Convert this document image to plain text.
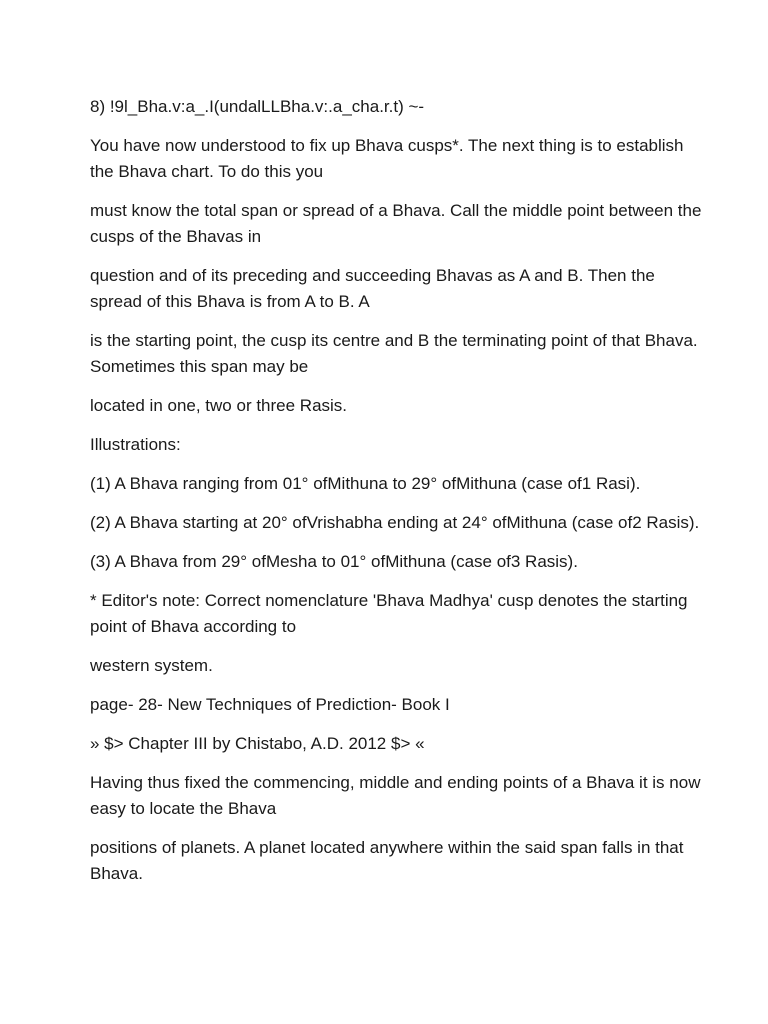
8) !9l_Bha.v:a_.I(undalLLBha.v:.a_cha.r.t) ~-

You have now understood to fix up Bhava cusps*. The next thing is to establish the Bhava chart. To do this you

must know the total span or spread of a Bhava. Call the middle point between the cusps of the Bhavas in

question and of its preceding and succeeding Bhavas as A and B. Then the spread of this Bhava is from A to B. A

is the starting point, the cusp its centre and B the terminating point of that Bhava. Sometimes this span may be

located in one, two or three Rasis.

Illustrations:

(1) A Bhava ranging from 01° ofMithuna to 29° ofMithuna (case of1 Rasi).

(2) A Bhava starting at 20° ofVrishabha ending at 24° ofMithuna (case of2 Rasis).

(3) A Bhava from 29° ofMesha to 01° ofMithuna (case of3 Rasis).

* Editor's note: Correct nomenclature 'Bhava Madhya' cusp denotes the starting point of Bhava according to

western system.

page- 28- New Techniques of Prediction- Book I

» $> Chapter III by Chistabo, A.D. 2012 $> «

Having thus fixed the commencing, middle and ending points of a Bhava it is now easy to locate the Bhava

positions of planets. A planet located anywhere within the said span falls in that Bhava.
